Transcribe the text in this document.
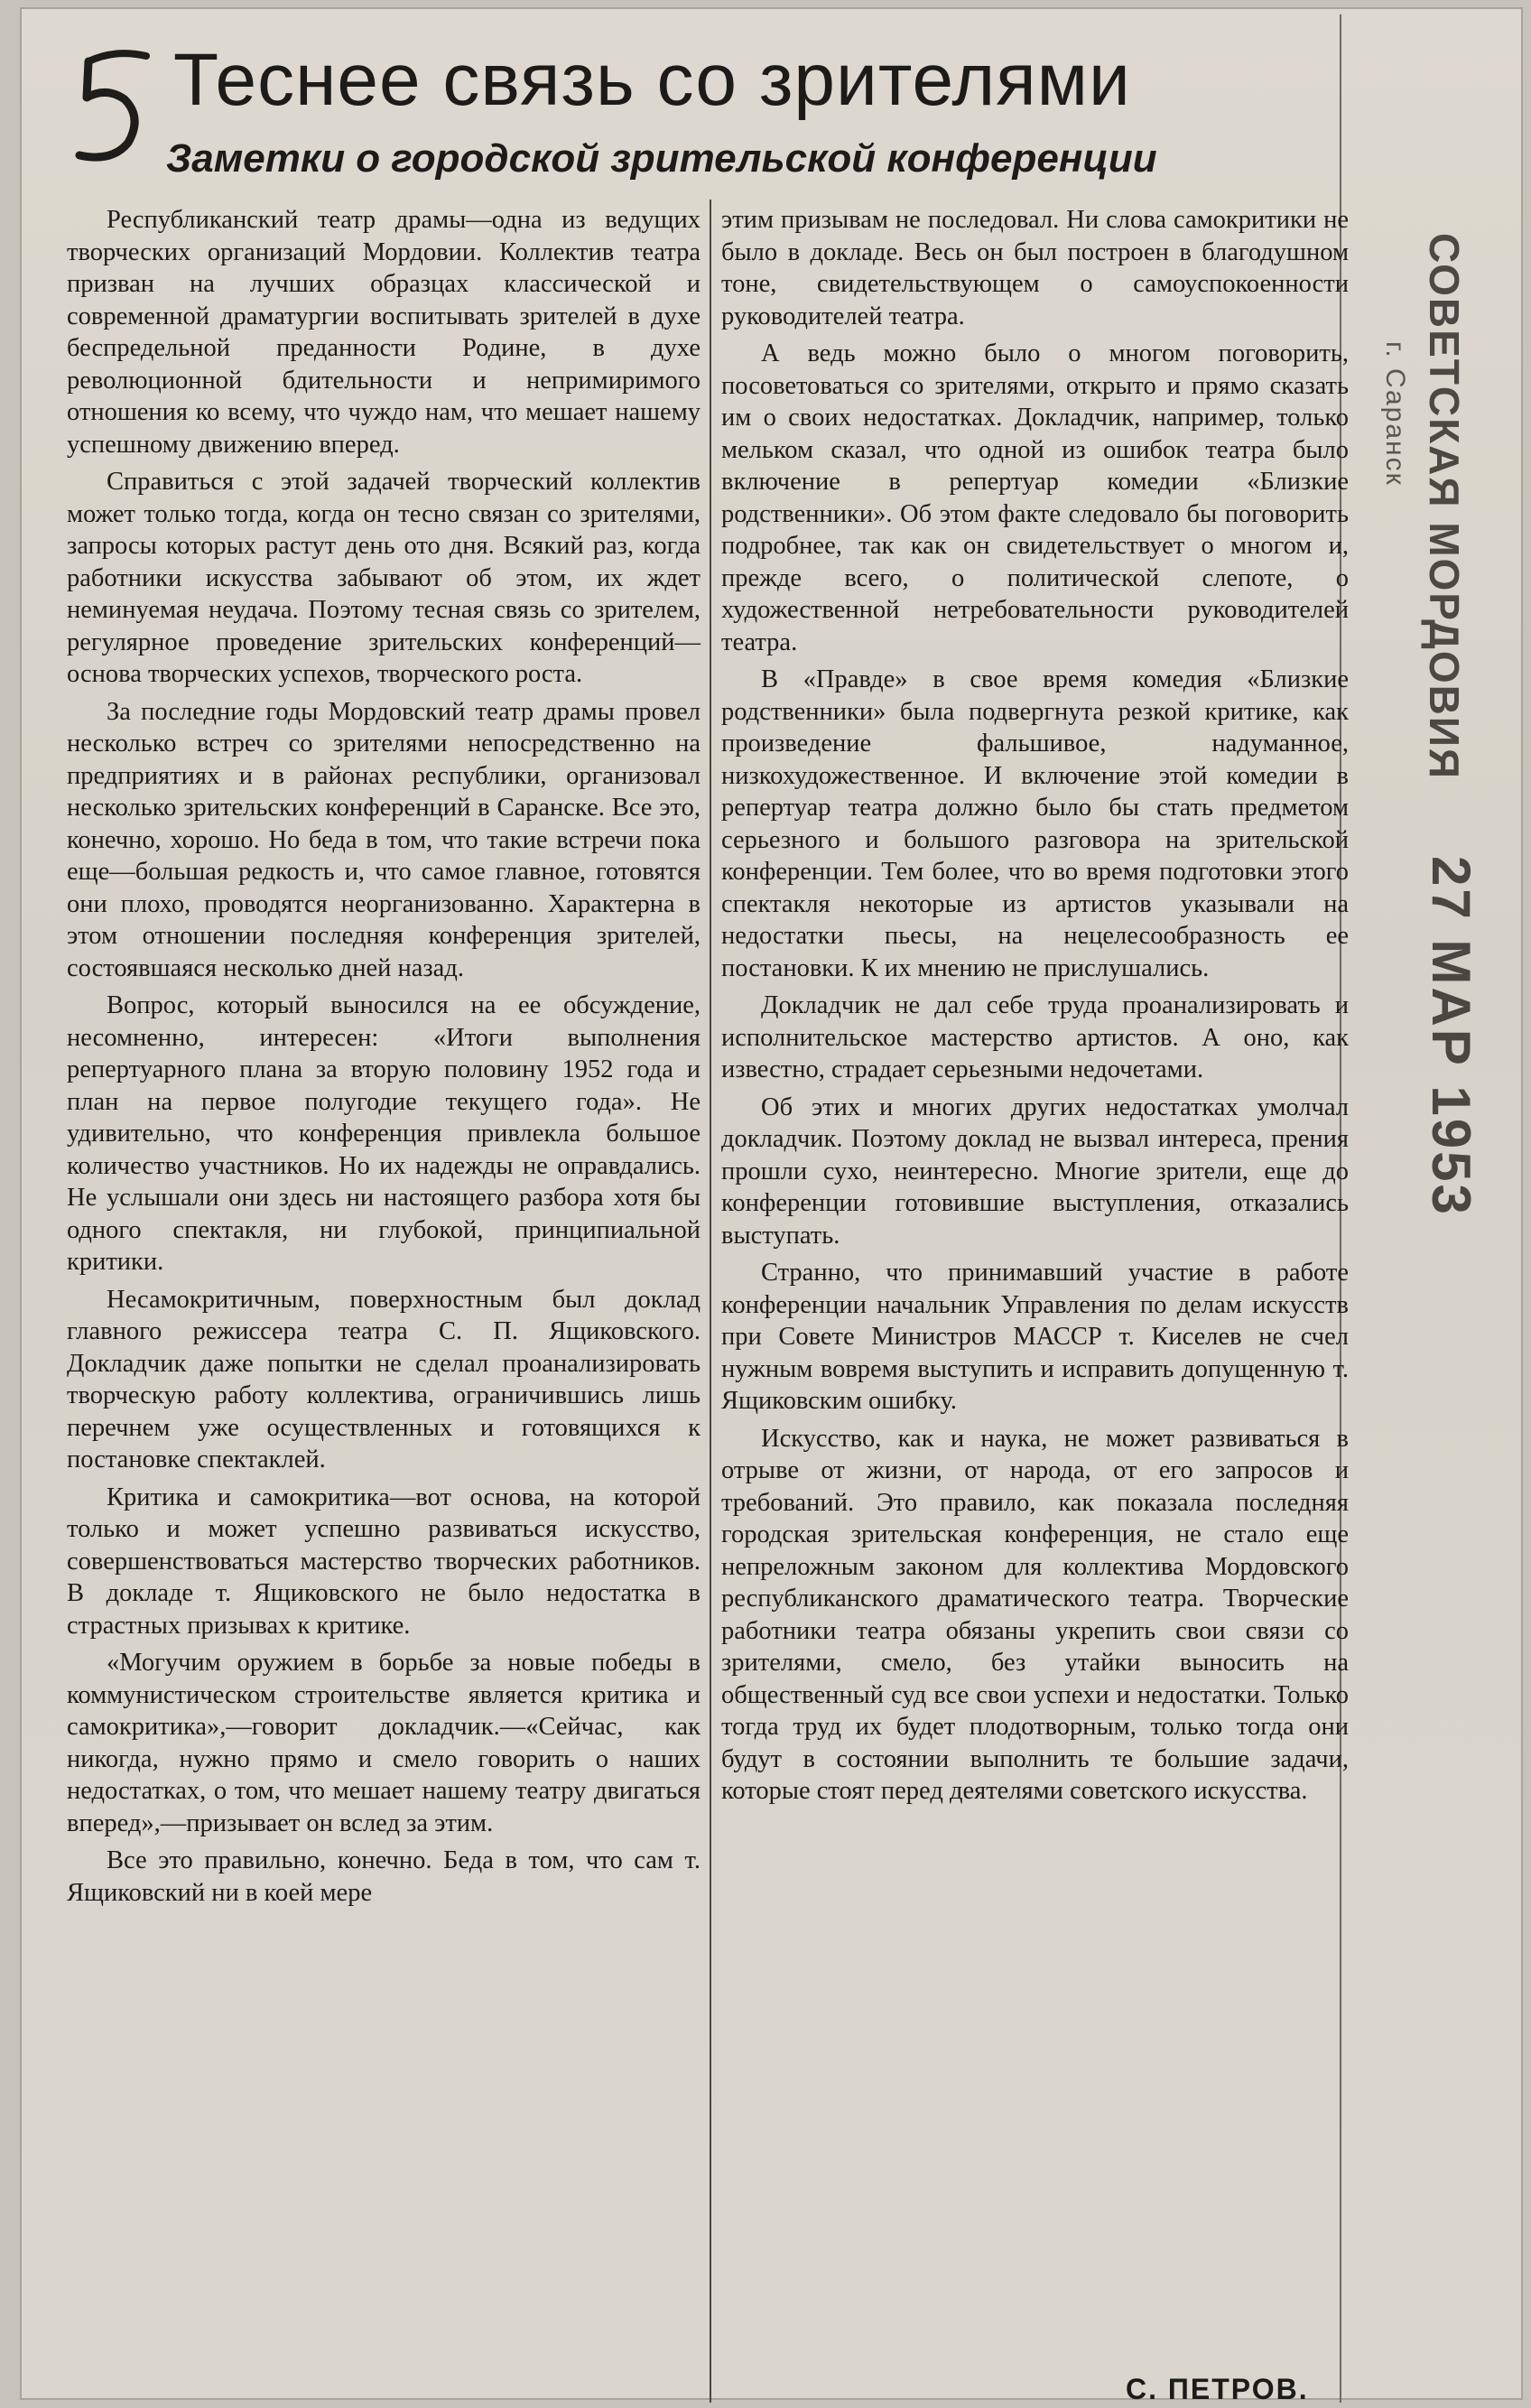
Теснее связь со зрителями
Заметки о городской зрительской конференции

Республиканский театр драмы—одна из ведущих творческих организаций Мордовии. Коллектив театра призван на лучших образцах классической и современной драматургии воспитывать зрителей в духе беспредельной преданности Родине, в духе революционной бдительности и непримиримого отношения ко всему, что чуждо нам, что мешает нашему успешному движению вперед.

Справиться с этой задачей творческий коллектив может только тогда, когда он тесно связан со зрителями, запросы которых растут день ото дня. Всякий раз, когда работники искусства забывают об этом, их ждет неминуемая неудача. Поэтому тесная связь со зрителем, регулярное проведение зрительских конференций—основа творческих успехов, творческого роста.

За последние годы Мордовский театр драмы провел несколько встреч со зрителями непосредственно на предприятиях и в районах республики, организовал несколько зрительских конференций в Саранске. Все это, конечно, хорошо. Но беда в том, что такие встречи пока еще—большая редкость и, что самое главное, готовятся они плохо, проводятся неорганизованно. Характерна в этом отношении последняя конференция зрителей, состоявшаяся несколько дней назад.

Вопрос, который выносился на ее обсуждение, несомненно, интересен: «Итоги выполнения репертуарного плана за вторую половину 1952 года и план на первое полугодие текущего года». Не удивительно, что конференция привлекла большое количество участников. Но их надежды не оправдались. Не услышали они здесь ни настоящего разбора хотя бы одного спектакля, ни глубокой, принципиальной критики.

Несамокритичным, поверхностным был доклад главного режиссера театра С. П. Ящиковского. Докладчик даже попытки не сделал проанализировать творческую работу коллектива, ограничившись лишь перечнем уже осуществленных и готовящихся к постановке спектаклей.

Критика и самокритика—вот основа, на которой только и может успешно развиваться искусство, совершенствоваться мастерство творческих работников. В докладе т. Ящиковского не было недостатка в страстных призывах к критике.

«Могучим оружием в борьбе за новые победы в коммунистическом строительстве является критика и самокритика»,—говорит докладчик.—«Сейчас, как никогда, нужно прямо и смело говорить о наших недостатках, о том, что мешает нашему театру двигаться вперед»,—призывает он вслед за этим.

Все это правильно, конечно. Беда в том, что сам т. Ящиковский ни в коей мере

этим призывам не последовал. Ни слова самокритики не было в докладе. Весь он был построен в благодушном тоне, свидетельствующем о самоуспокоенности руководителей театра.

А ведь можно было о многом поговорить, посоветоваться со зрителями, открыто и прямо сказать им о своих недостатках. Докладчик, например, только мельком сказал, что одной из ошибок театра было включение в репертуар комедии «Близкие родственники». Об этом факте следовало бы поговорить подробнее, так как он свидетельствует о многом и, прежде всего, о политической слепоте, о художественной нетребовательности руководителей театра.

В «Правде» в свое время комедия «Близкие родственники» была подвергнута резкой критике, как произведение фальшивое, надуманное, низкохудожественное. И включение этой комедии в репертуар театра должно было бы стать предметом серьезного и большого разговора на зрительской конференции. Тем более, что во время подготовки этого спектакля некоторые из артистов указывали на недостатки пьесы, на нецелесообразность ее постановки. К их мнению не прислушались.

Докладчик не дал себе труда проанализировать и исполнительское мастерство артистов. А оно, как известно, страдает серьезными недочетами.

Об этих и многих других недостатках умолчал докладчик. Поэтому доклад не вызвал интереса, прения прошли сухо, неинтересно. Многие зрители, еще до конференции готовившие выступления, отказались выступать.

Странно, что принимавший участие в работе конференции начальник Управления по делам искусств при Совете Министров МАССР т. Киселев не счел нужным вовремя выступить и исправить допущенную т. Ящиковским ошибку.

Искусство, как и наука, не может развиваться в отрыве от жизни, от народа, от его запросов и требований. Это правило, как показала последняя городская зрительская конференция, не стало еще непреложным законом для коллектива Мордовского республиканского драматического театра. Творческие работники театра обязаны укрепить свои связи со зрителями, смело, без утайки выносить на общественный суд все свои успехи и недостатки. Только тогда труд их будет плодотворным, только тогда они будут в состоянии выполнить те большие задачи, которые стоят перед деятелями советского искусства.

С. ПЕТРОВ.
СОВЕТСКАЯ МОРДОВИЯ
г. Саранск
27 МАР 1953
